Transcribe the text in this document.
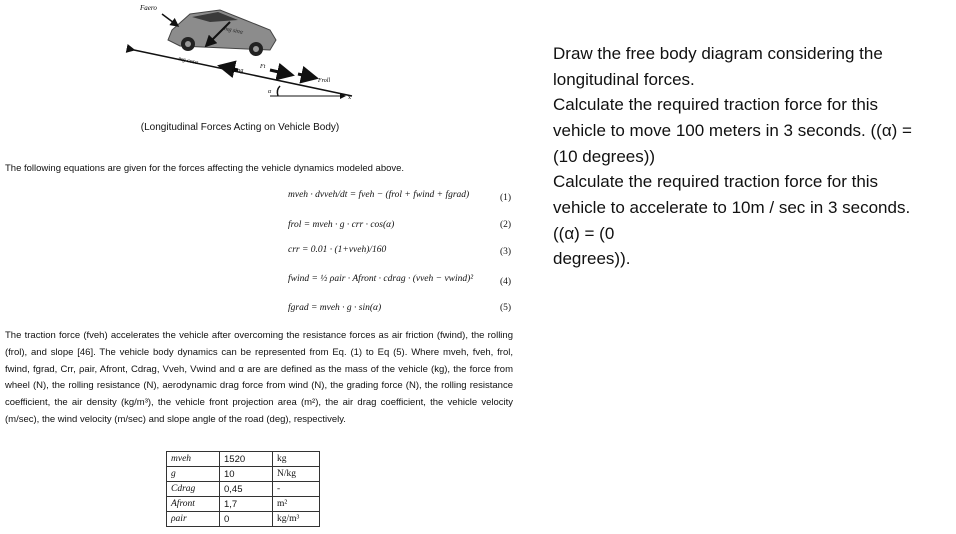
Faero
mg sinα
mg cosα
drag
Ft
Froll
α
x
(Longitudinal Forces Acting on Vehicle Body)
The following equations are given for the forces affecting the vehicle dynamics modeled above.
mveh · dvveh/dt = fveh − (frol + fwind + fgrad)	(1)
frol = mveh · g · crr · cos(α)	(2)
crr = 0.01 · (1+vveh)/160	(3)
fwind = ½ ρair · Afront · cdrag · (vveh − vwind)²	(4)
fgrad = mveh · g · sin(α)	(5)
The traction force (fveh) accelerates the vehicle after overcoming the resistance forces as air friction (fwind), the rolling (frol), and slope [46]. The vehicle body dynamics can be represented from Eq. (1) to Eq (5). Where mveh, fveh, frol, fwind, fgrad, Crr, ρair, Afront, Cdrag, Vveh, Vwind and α are are defined as the mass of the vehicle (kg), the force from wheel (N), the rolling resistance (N), aerodynamic drag force from wind (N), the grading force (N), the rolling resistance coefficient, the air density (kg/m³), the vehicle front projection area (m²), the air drag coefficient, the vehicle velocity (m/sec), the wind velocity (m/sec) and slope angle of the road (deg), respectively.
mveh	1520	kg
g	10	N/kg
Cdrag	0,45	-
Afront	1,7	m²
ρair	0	kg/m³
Draw the free body diagram considering the
longitudinal forces.
Calculate the required traction force for this
vehicle to move 100 meters in 3 seconds. ((α) =
(10 degrees))
Calculate the required traction force for this
vehicle to accelerate to 10m / sec in 3 seconds.
((α) = (0
degrees)).
